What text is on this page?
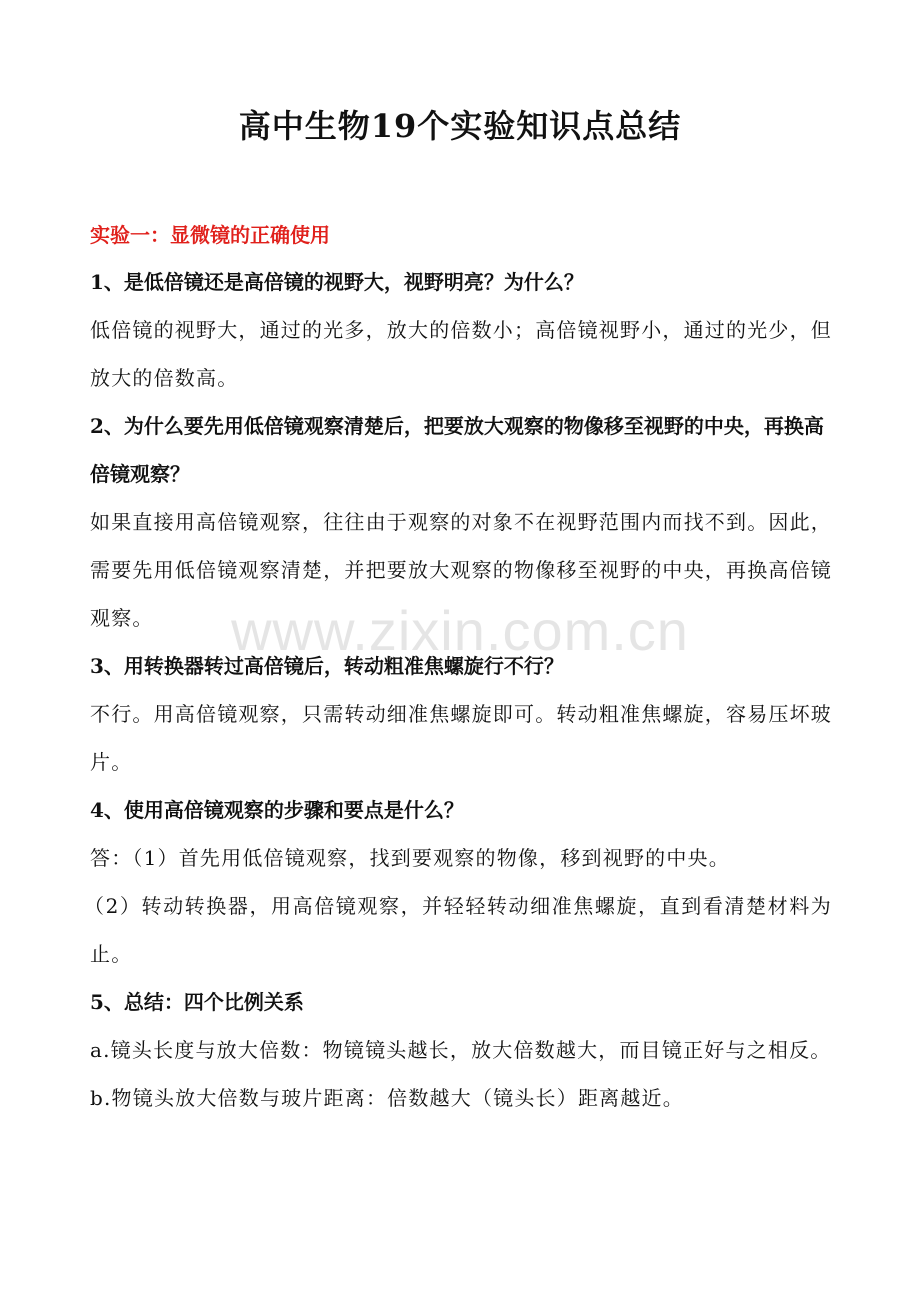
高中生物19个实验知识点总结
www.zixin.com.cn

实验一：显微镜的正确使用

1、是低倍镜还是高倍镜的视野大，视野明亮？为什么？

低倍镜的视野大，通过的光多，放大的倍数小；高倍镜视野小，通过的光少，但放大的倍数高。

2、为什么要先用低倍镜观察清楚后，把要放大观察的物像移至视野的中央，再换高倍镜观察？

如果直接用高倍镜观察，往往由于观察的对象不在视野范围内而找不到。因此，需要先用低倍镜观察清楚，并把要放大观察的物像移至视野的中央，再换高倍镜观察。

3、用转换器转过高倍镜后，转动粗准焦螺旋行不行？

不行。用高倍镜观察，只需转动细准焦螺旋即可。转动粗准焦螺旋，容易压坏玻片。

4、使用高倍镜观察的步骤和要点是什么？

答：（1）首先用低倍镜观察，找到要观察的物像，移到视野的中央。

（2）转动转换器，用高倍镜观察，并轻轻转动细准焦螺旋，直到看清楚材料为止。

5、总结：四个比例关系

a.镜头长度与放大倍数：物镜镜头越长，放大倍数越大，而目镜正好与之相反。

b.物镜头放大倍数与玻片距离：倍数越大（镜头长）距离越近。
